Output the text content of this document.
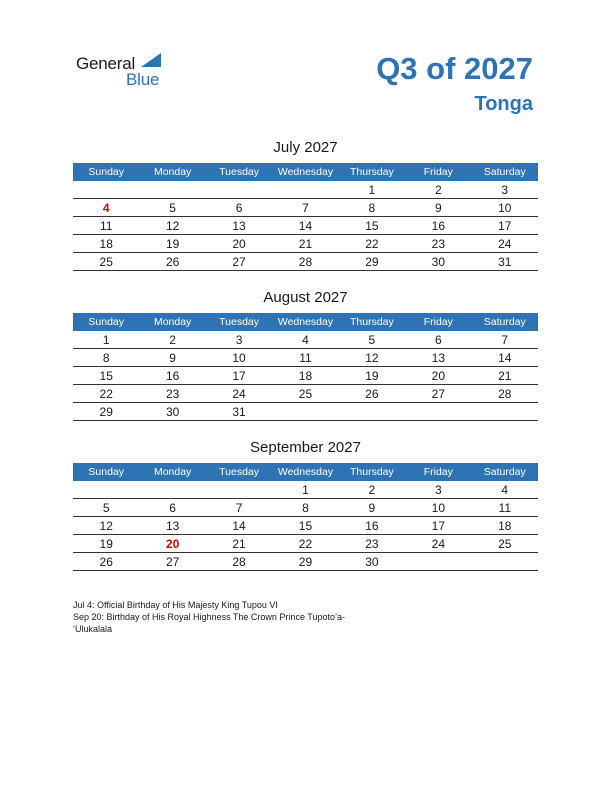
General
Blue	Q3 of 2027
Tonga
July 2027
Sunday	Monday	Tuesday	Wednesday	Thursday	Friday	Saturday
				1	2	3
4	5	6	7	8	9	10
11	12	13	14	15	16	17
18	19	20	21	22	23	24
25	26	27	28	29	30	31
August 2027
Sunday	Monday	Tuesday	Wednesday	Thursday	Friday	Saturday
1	2	3	4	5	6	7
8	9	10	11	12	13	14
15	16	17	18	19	20	21
22	23	24	25	26	27	28
29	30	31				
September 2027
Sunday	Monday	Tuesday	Wednesday	Thursday	Friday	Saturday
			1	2	3	4
5	6	7	8	9	10	11
12	13	14	15	16	17	18
19	20	21	22	23	24	25
26	27	28	29	30		
Jul 4: Official Birthday of His Majesty King Tupou VI
Sep 20: Birthday of His Royal Highness The Crown Prince Tupoto’a-
‘Ulukalala
